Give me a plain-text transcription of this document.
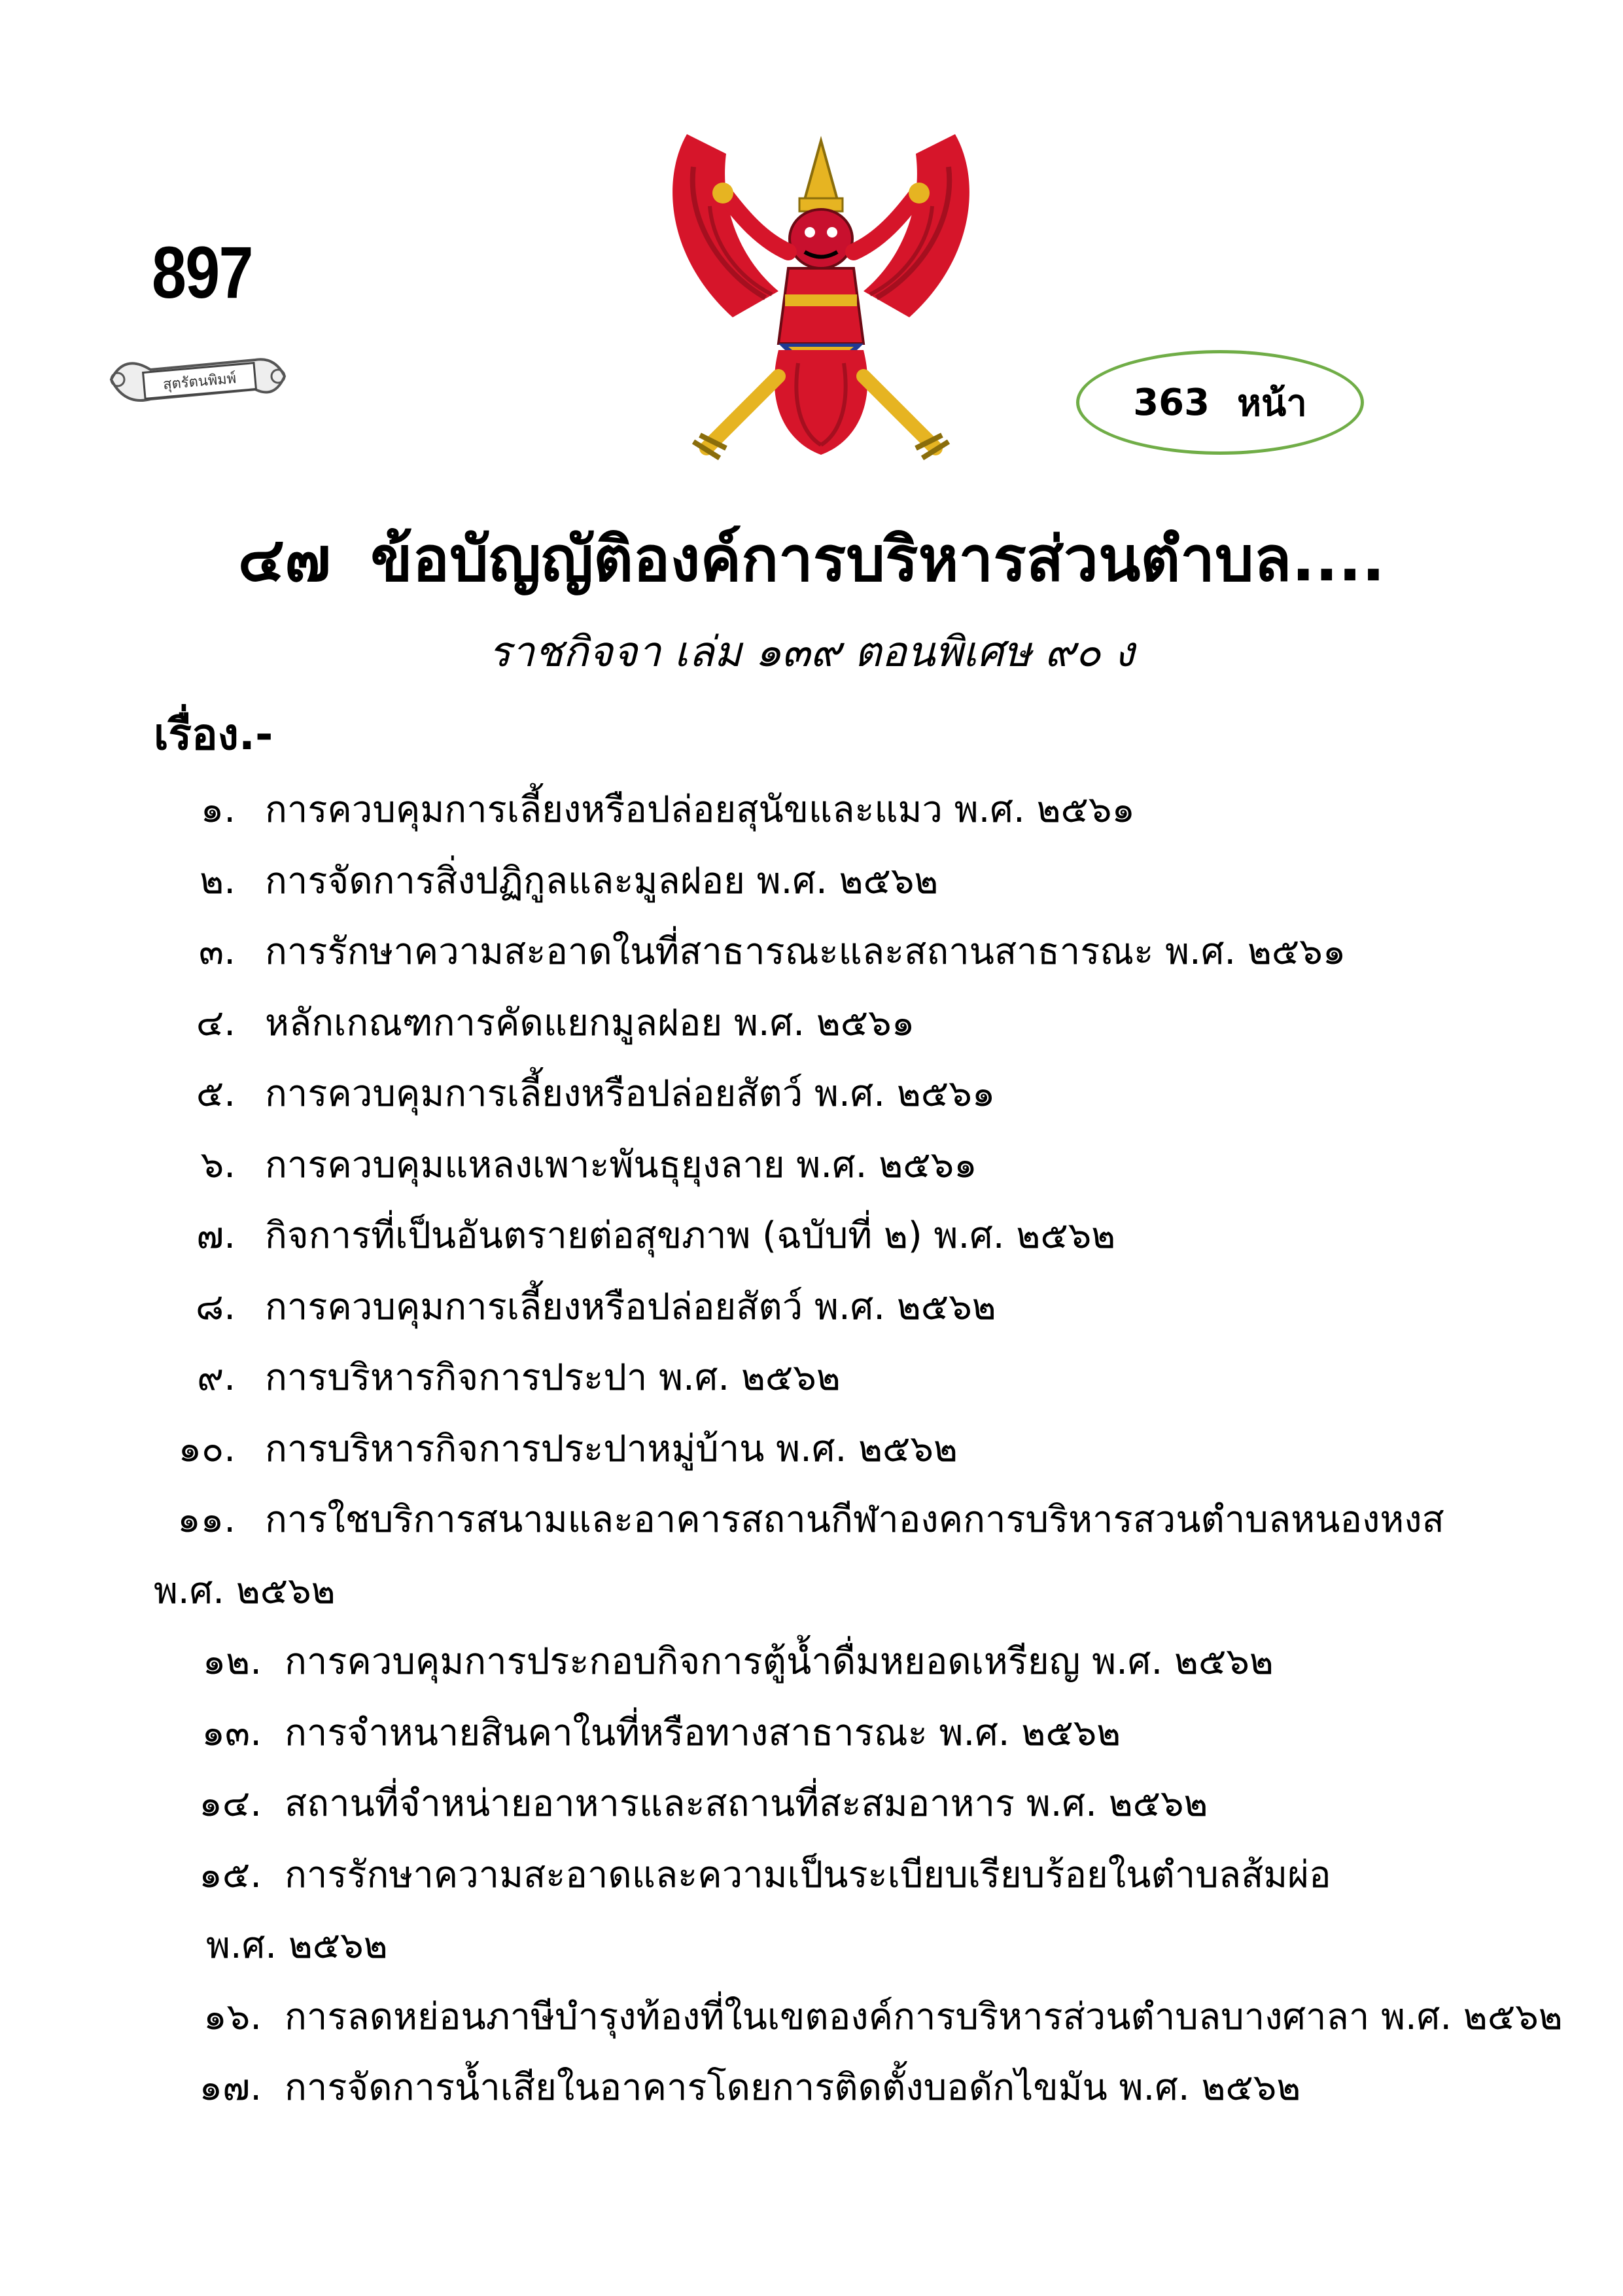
897
สุตรัตนพิมพ์	363 หน้า
๔๗ ข้อบัญญัติองค์การบริหารส่วนตำบล....
ราชกิจจา เล่ม ๑๓๙ ตอนพิเศษ ๙๐ ง
เรื่อง.-
๑. การควบคุมการเลี้ยงหรือปล่อยสุนัขและแมว พ.ศ. ๒๕๖๑
๒. การจัดการสิ่งปฏิกูลและมูลฝอย พ.ศ. ๒๕๖๒
๓. การรักษาความสะอาดในที่สาธารณะและสถานสาธารณะ พ.ศ. ๒๕๖๑
๔. หลักเกณฑการคัดแยกมูลฝอย พ.ศ. ๒๕๖๑
๕. การควบคุมการเลี้ยงหรือปล่อยสัตว์ พ.ศ. ๒๕๖๑
๖. การควบคุมแหลงเพาะพันธุยุงลาย พ.ศ. ๒๕๖๑
๗. กิจการที่เป็นอันตรายต่อสุขภาพ (ฉบับที่ ๒) พ.ศ. ๒๕๖๒
๘. การควบคุมการเลี้ยงหรือปล่อยสัตว์ พ.ศ. ๒๕๖๒
๙. การบริหารกิจการประปา พ.ศ. ๒๕๖๒
๑๐. การบริหารกิจการประปาหมู่บ้าน พ.ศ. ๒๕๖๒
๑๑. การใชบริการสนามและอาคารสถานกีฬาองคการบริหารสวนตำบลหนองหงส
พ.ศ. ๒๕๖๒
๑๒. การควบคุมการประกอบกิจการตู้น้ำดื่มหยอดเหรียญ พ.ศ. ๒๕๖๒
๑๓. การจำหนายสินคาในที่หรือทางสาธารณะ พ.ศ. ๒๕๖๒
๑๔. สถานที่จำหน่ายอาหารและสถานที่สะสมอาหาร พ.ศ. ๒๕๖๒
๑๕. การรักษาความสะอาดและความเป็นระเบียบเรียบร้อยในตำบลส้มผ่อ
พ.ศ. ๒๕๖๒
๑๖. การลดหย่อนภาษีบำรุงท้องที่ในเขตองค์การบริหารส่วนตำบลบางศาลา พ.ศ. ๒๕๖๒
๑๗. การจัดการน้ำเสียในอาคารโดยการติดตั้งบอดักไขมัน พ.ศ. ๒๕๖๒
